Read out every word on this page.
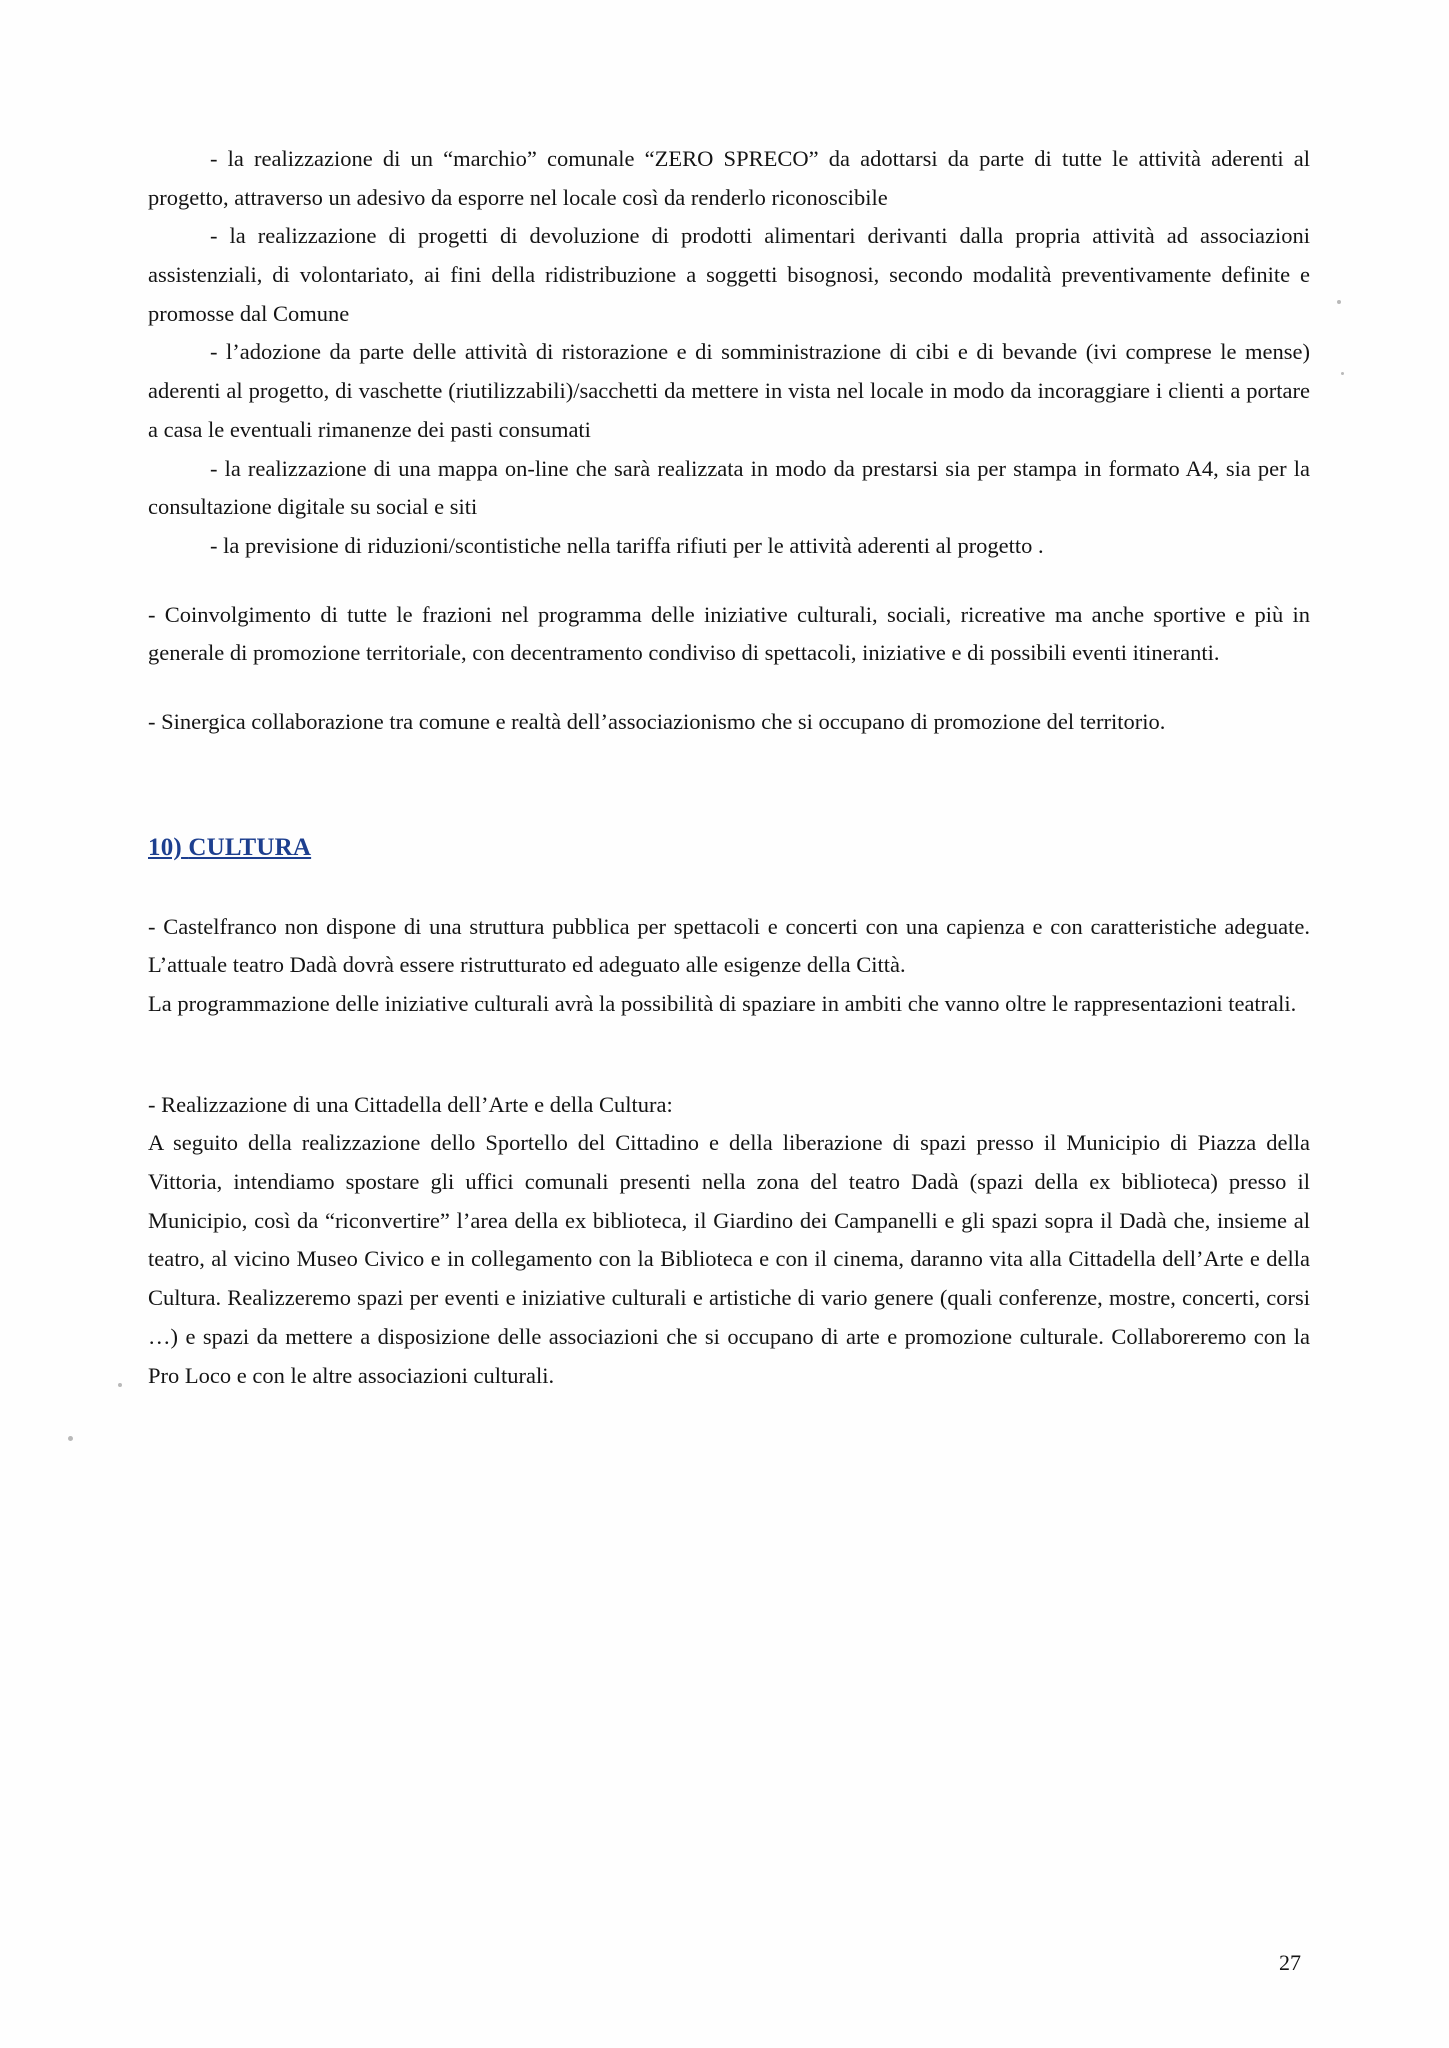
- la realizzazione di un “marchio” comunale “ZERO SPRECO” da adottarsi da parte di tutte le attività aderenti al progetto, attraverso un adesivo da esporre nel locale così da renderlo riconoscibile

- la realizzazione di progetti di devoluzione di prodotti alimentari derivanti dalla propria attività ad associazioni assistenziali, di volontariato, ai fini della ridistribuzione a soggetti bisognosi, secondo modalità preventivamente definite e promosse dal Comune

- l’adozione da parte delle attività di ristorazione e di somministrazione di cibi e di bevande (ivi comprese le mense) aderenti al progetto, di vaschette (riutilizzabili)/sacchetti da mettere in vista nel locale in modo da incoraggiare i clienti a portare a casa le eventuali rimanenze dei pasti consumati

- la realizzazione di una mappa on-line che sarà realizzata in modo da prestarsi sia per stampa in formato A4, sia per la consultazione digitale su social e siti

- la previsione di riduzioni/scontistiche nella tariffa rifiuti per le attività aderenti al progetto .

- Coinvolgimento di tutte le frazioni nel programma delle iniziative culturali, sociali, ricreative ma anche sportive e più in generale di promozione territoriale, con decentramento condiviso di spettacoli, iniziative e di possibili eventi itineranti.

- Sinergica collaborazione tra comune e realtà dell’associazionismo che si occupano di promozione del territorio.

10) CULTURA

- Castelfranco non dispone di una struttura pubblica per spettacoli e concerti con una capienza e con caratteristiche adeguate. L’attuale teatro Dadà dovrà essere ristrutturato ed adeguato alle esigenze della Città.

La programmazione delle iniziative culturali avrà la possibilità di spaziare in ambiti che vanno oltre le rappresentazioni teatrali.

- Realizzazione di una Cittadella dell’Arte e della Cultura:

A seguito della realizzazione dello Sportello del Cittadino e della liberazione di spazi presso il Municipio di Piazza della Vittoria, intendiamo spostare gli uffici comunali presenti nella zona del teatro Dadà (spazi della ex biblioteca) presso il Municipio, così da “riconvertire” l’area della ex biblioteca, il Giardino dei Campanelli e gli spazi sopra il Dadà che, insieme al teatro, al vicino Museo Civico e in collegamento con la Biblioteca e con il cinema, daranno vita alla Cittadella dell’Arte e della Cultura. Realizzeremo spazi per eventi e iniziative culturali e artistiche di vario genere (quali conferenze, mostre, concerti, corsi …) e spazi da mettere a disposizione delle associazioni che si occupano di arte e promozione culturale. Collaboreremo con la Pro Loco e con le altre associazioni culturali.

27
